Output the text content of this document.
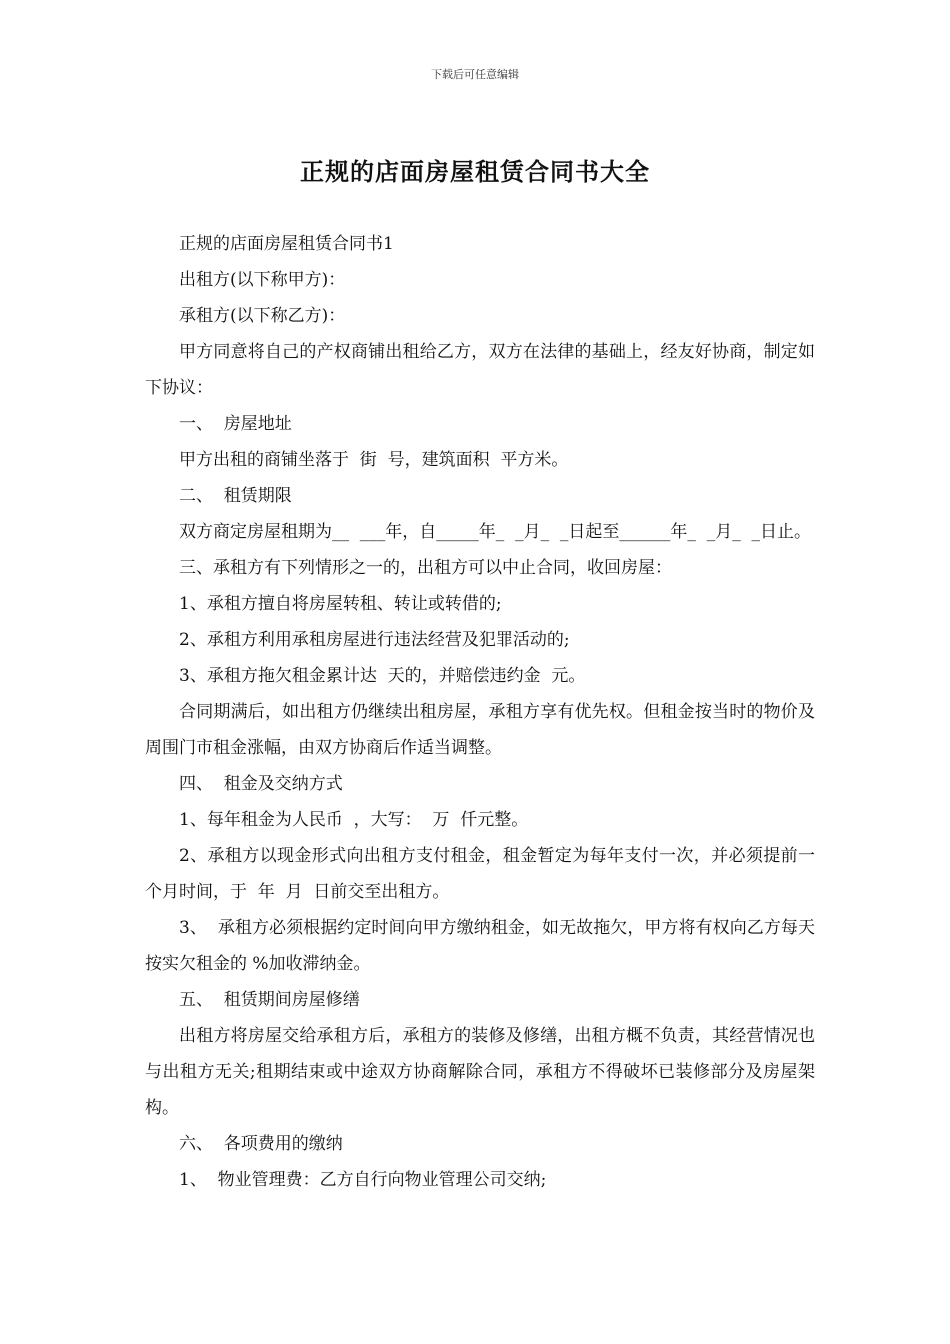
下载后可任意编辑
正规的店面房屋租赁合同书大全

正规的店面房屋租赁合同书1

出租方(以下称甲方)：

承租方(以下称乙方)：

甲方同意将自己的产权商铺出租给乙方，双方在法律的基础上，经友好协商，制定如下协议：

一、  房屋地址

甲方出租的商铺坐落于  街  号，建筑面积  平方米。

二、  租赁期限

双方商定房屋租期为__  ___年，自_____年_  _月_  _日起至______年_  _月_  _日止。

三、承租方有下列情形之一的，出租方可以中止合同，收回房屋：

1、承租方擅自将房屋转租、转让或转借的;

2、承租方利用承租房屋进行违法经营及犯罪活动的;

3、承租方拖欠租金累计达  天的，并赔偿违约金  元。

合同期满后，如出租方仍继续出租房屋，承租方享有优先权。但租金按当时的物价及周围门市租金涨幅，由双方协商后作适当调整。

四、  租金及交纳方式

1、每年租金为人民币  ，大写：  万  仟元整。

2、承租方以现金形式向出租方支付租金，租金暂定为每年支付一次，并必须提前一个月时间，于  年  月  日前交至出租方。

3、  承租方必须根据约定时间向甲方缴纳租金，如无故拖欠，甲方将有权向乙方每天按实欠租金的 %加收滞纳金。

五、  租赁期间房屋修缮

出租方将房屋交给承租方后，承租方的装修及修缮，出租方概不负责，其经营情况也与出租方无关;租期结束或中途双方协商解除合同，承租方不得破坏已装修部分及房屋架构。

六、  各项费用的缴纳

1、  物业管理费：乙方自行向物业管理公司交纳;
